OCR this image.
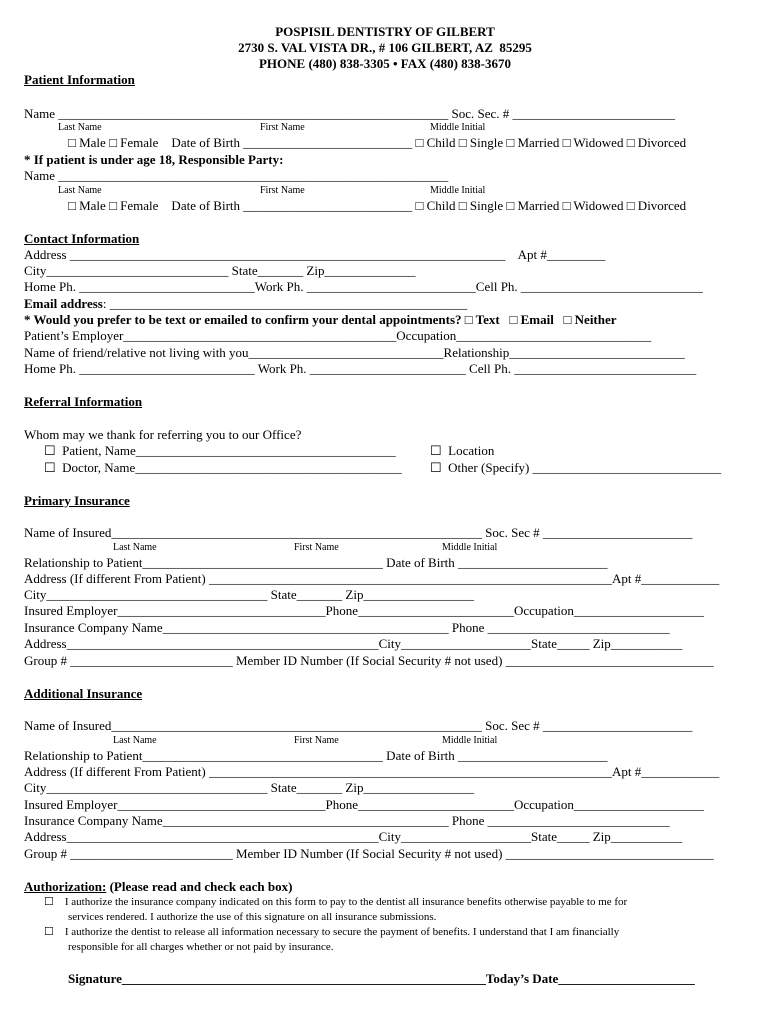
POSPISIL DENTISTRY OF GILBERT
2730 S. VAL VISTA DR., # 106 GILBERT, AZ  85295
PHONE (480) 838-3305 • FAX (480) 838-3670
Patient Information
Name ____________________________________________________________ Soc. Sec. # _________________________
Last Name	First Name	Middle Initial
□ Male □ Female    Date of Birth __________________________ □ Child □ Single □ Married □ Widowed □ Divorced
* If patient is under age 18, Responsible Party:
Name ____________________________________________________________
Last Name	First Name	Middle Initial
□ Male □ Female    Date of Birth __________________________ □ Child □ Single □ Married □ Widowed □ Divorced
Contact Information
Address ___________________________________________________________________    Apt #_________
City____________________________ State_______ Zip______________
Home Ph. ___________________________Work Ph. __________________________Cell Ph. ____________________________
Email address: _______________________________________________________
* Would you prefer to be text or emailed to confirm your dental appointments? □ Text   □ Email   □ Neither
Patient’s Employer__________________________________________Occupation______________________________
Name of friend/relative not living with you______________________________Relationship___________________________
Home Ph. ___________________________ Work Ph. ________________________ Cell Ph. ____________________________
Referral Information
Whom may we thank for referring you to our Office?
☐  Patient, Name________________________________________
☐  Doctor, Name_________________________________________
☐  Location
☐  Other (Specify) _____________________________
Primary Insurance
Name of Insured_________________________________________________________ Soc. Sec # _______________________
Last Name	First Name	Middle Initial
Relationship to Patient_____________________________________ Date of Birth _______________________
Address (If different From Patient) ______________________________________________________________Apt #____________
City__________________________________ State_______ Zip_________________
Insured Employer________________________________Phone________________________Occupation____________________
Insurance Company Name____________________________________________ Phone ____________________________
Address________________________________________________City____________________State_____ Zip___________
Group # _________________________ Member ID Number (If Social Security # not used) ________________________________
Additional Insurance
Name of Insured_________________________________________________________ Soc. Sec # _______________________
Last Name	First Name	Middle Initial
Relationship to Patient_____________________________________ Date of Birth _______________________
Address (If different From Patient) ______________________________________________________________Apt #____________
City__________________________________ State_______ Zip_________________
Insured Employer________________________________Phone________________________Occupation____________________
Insurance Company Name____________________________________________ Phone ____________________________
Address________________________________________________City____________________State_____ Zip___________
Group # _________________________ Member ID Number (If Social Security # not used) ________________________________
Authorization: (Please read and check each box)
☐    I authorize the insurance company indicated on this form to pay to the dentist all insurance benefits otherwise payable to me for
services rendered. I authorize the use of this signature on all insurance submissions.
☐    I authorize the dentist to release all information necessary to secure the payment of benefits. I understand that I am financially
responsible for all charges whether or not paid by insurance.
Signature________________________________________________________Today’s Date_____________________
